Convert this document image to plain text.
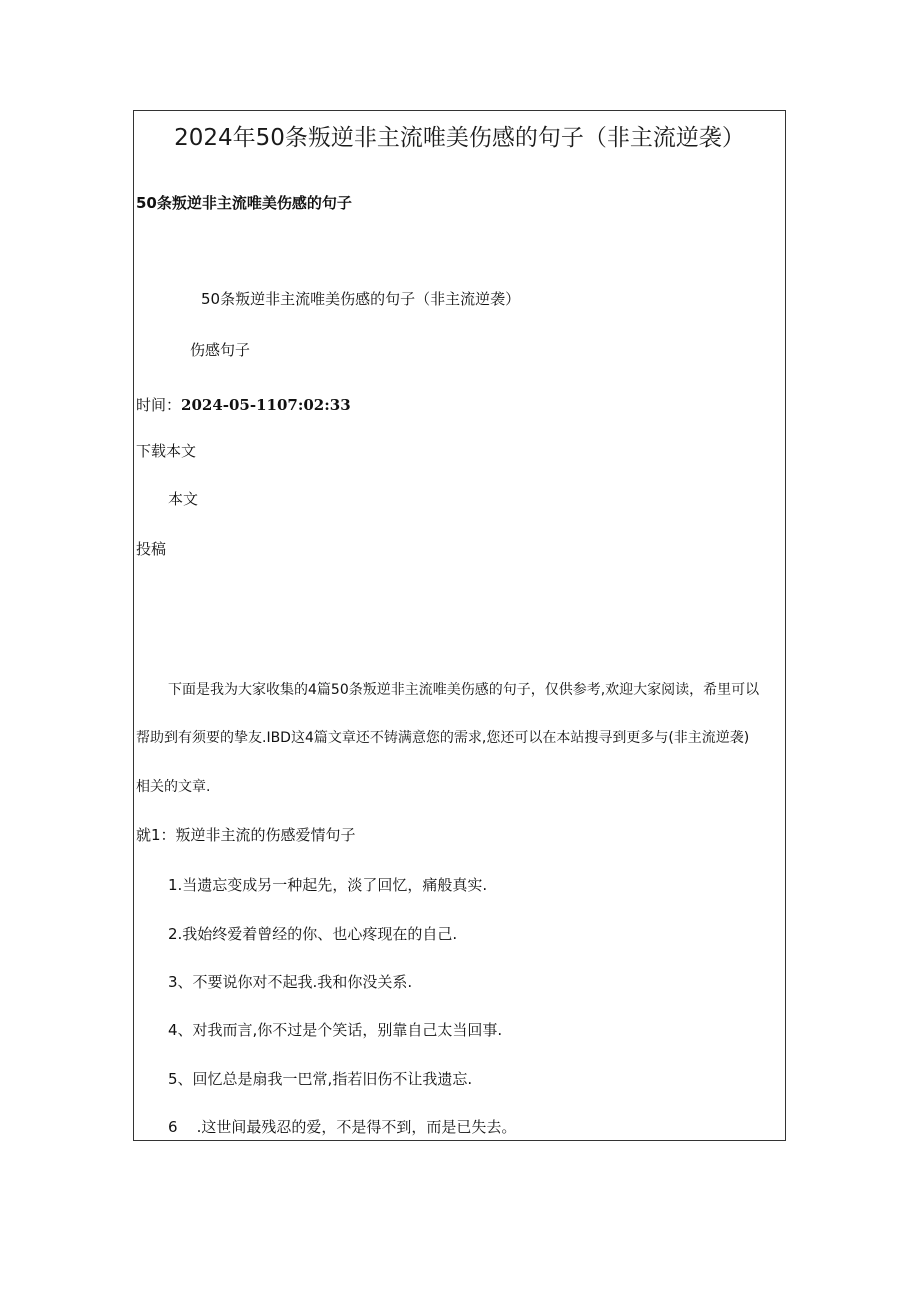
2024年50条叛逆非主流唯美伤感的句子（非主流逆袭）
50条叛逆非主流唯美伤感的句子
50条叛逆非主流唯美伤感的句子（非主流逆袭）
伤感句子
时间：2024-05-1107:02:33
下载本文
本文
投稿
下面是我为大家收集的4篇50条叛逆非主流唯美伤感的句子，仅供参考,欢迎大家阅读，希里可以
帮助到有须要的挚友.IBD这4篇文章还不铸满意您的需求,您还可以在本站搜寻到更多与(非主流逆袭)
相关的文章.
就1：叛逆非主流的伤感爱情句子
1.当遗忘变成另一种起先，淡了回忆，痛般真实.
2.我始终爱着曾经的你、也心疼现在的自己.
3、不要说你对不起我.我和你没关系.
4、对我而言,你不过是个笑话，别靠自己太当回事.
5、回忆总是扇我一巴常,指若旧伤不让我遗忘.
6    .这世间最残忍的爱，不是得不到，而是已失去。
